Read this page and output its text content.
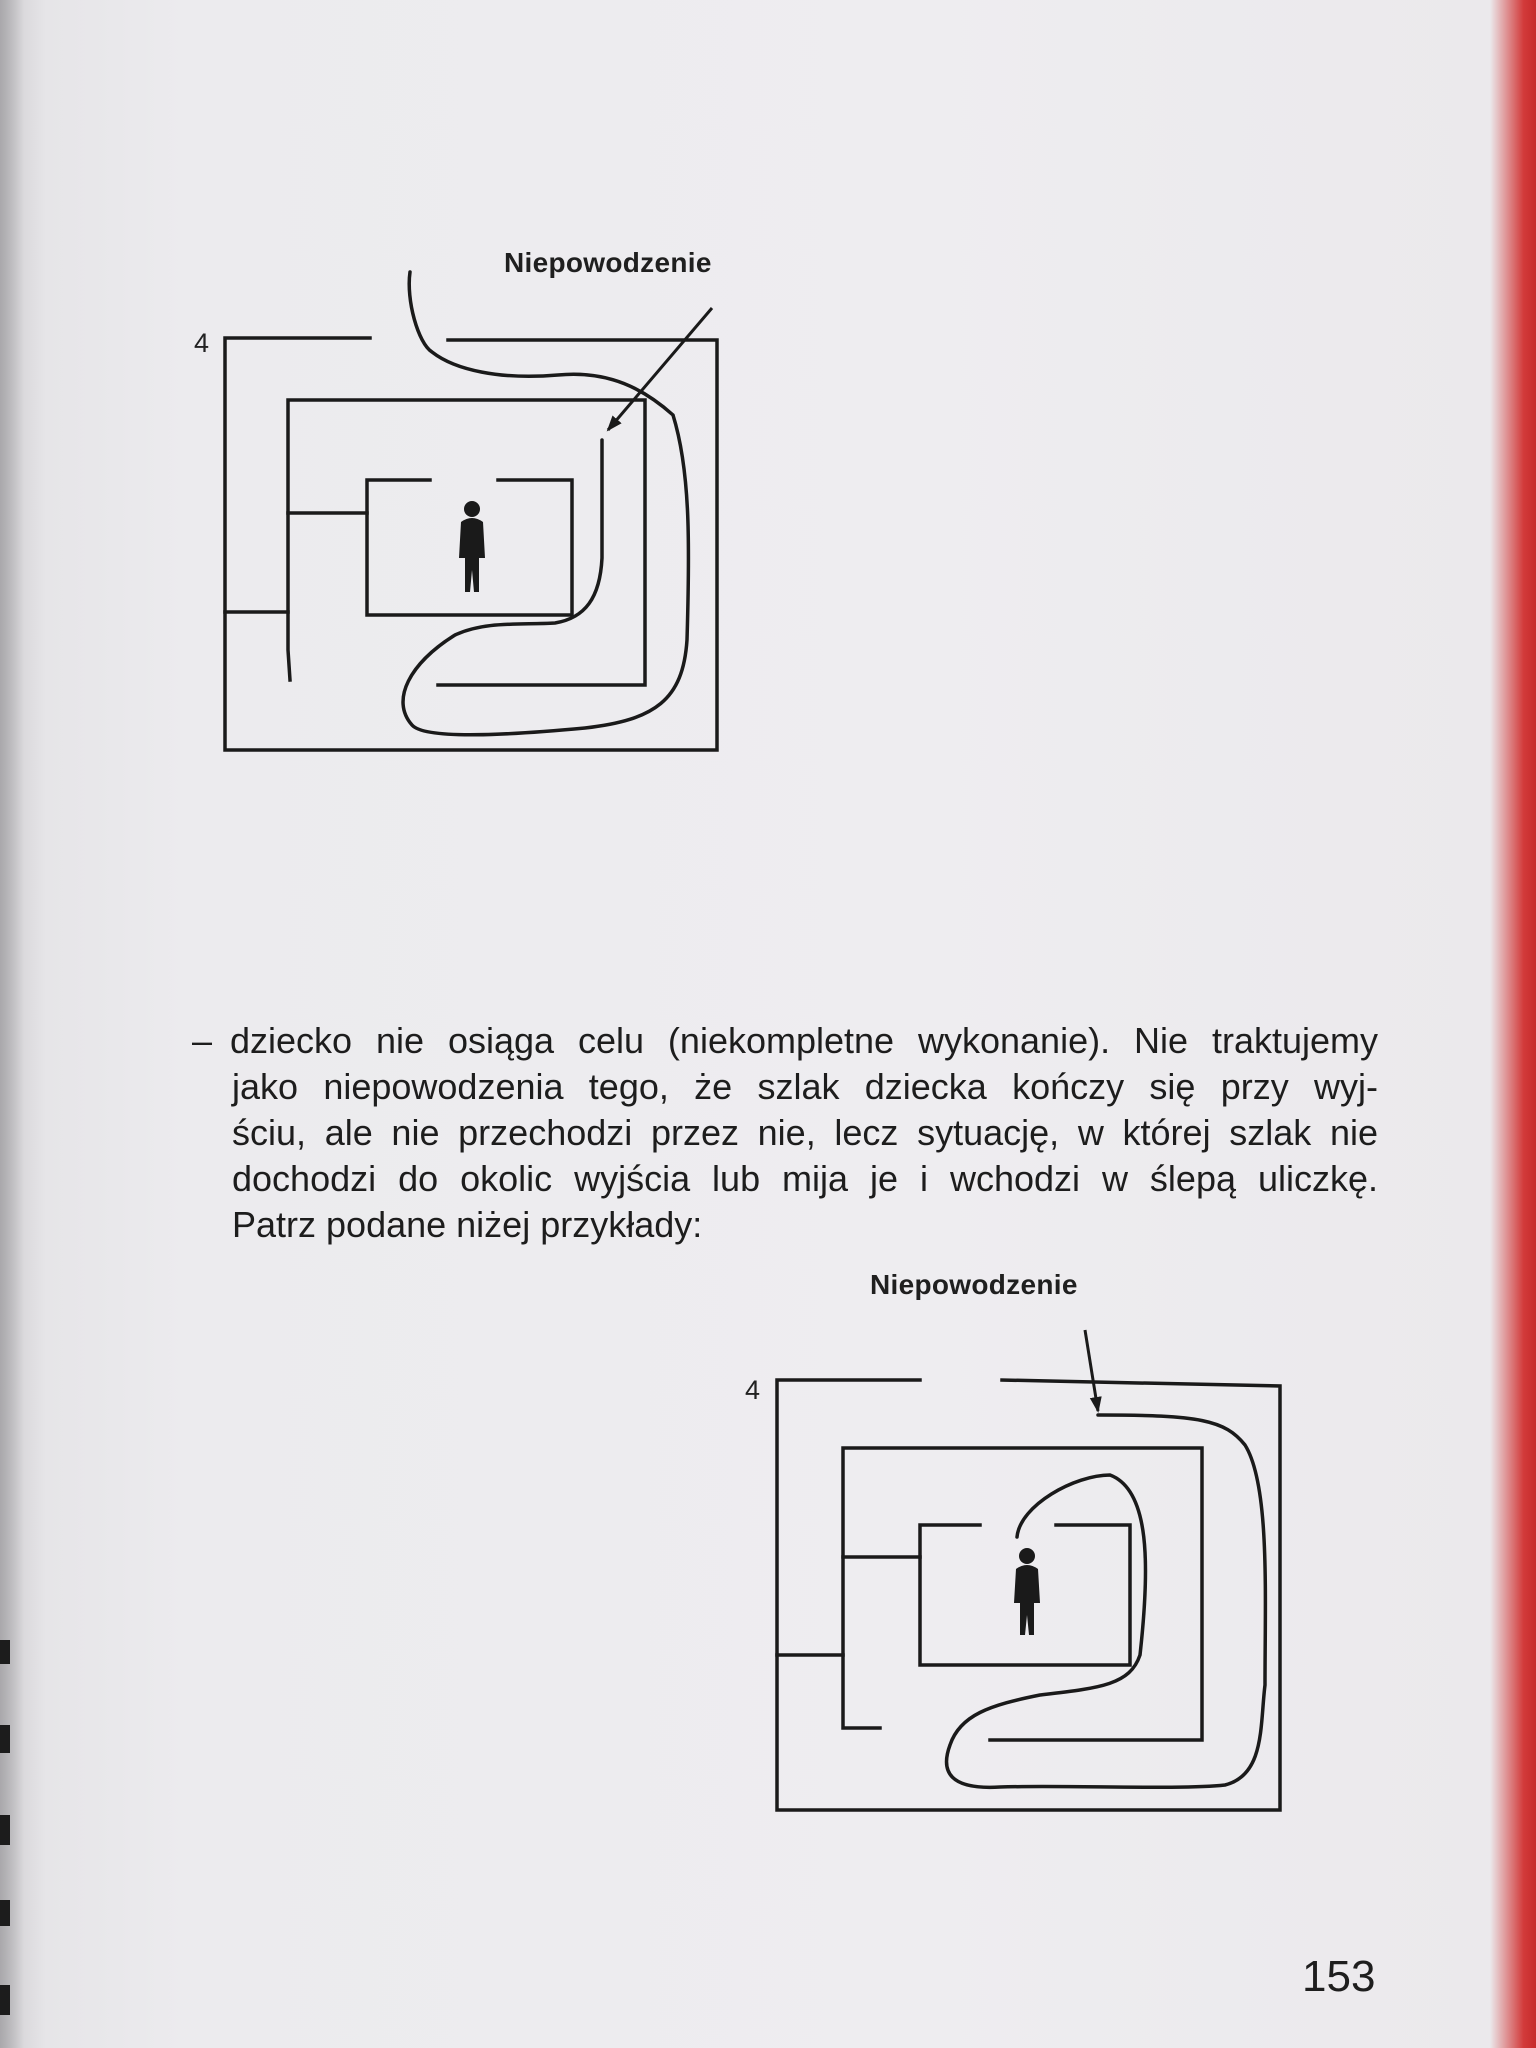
Niepowodzenie
4
– dziecko nie osiąga celu (niekompletne wykonanie). Nie traktujemy
jako niepowodzenia tego, że szlak dziecka kończy się przy wyj-
ściu, ale nie przechodzi przez nie, lecz sytuację, w której szlak nie
dochodzi do okolic wyjścia lub mija je i wchodzi w ślepą uliczkę.
Patrz podane niżej przykłady:
Niepowodzenie
4
153
